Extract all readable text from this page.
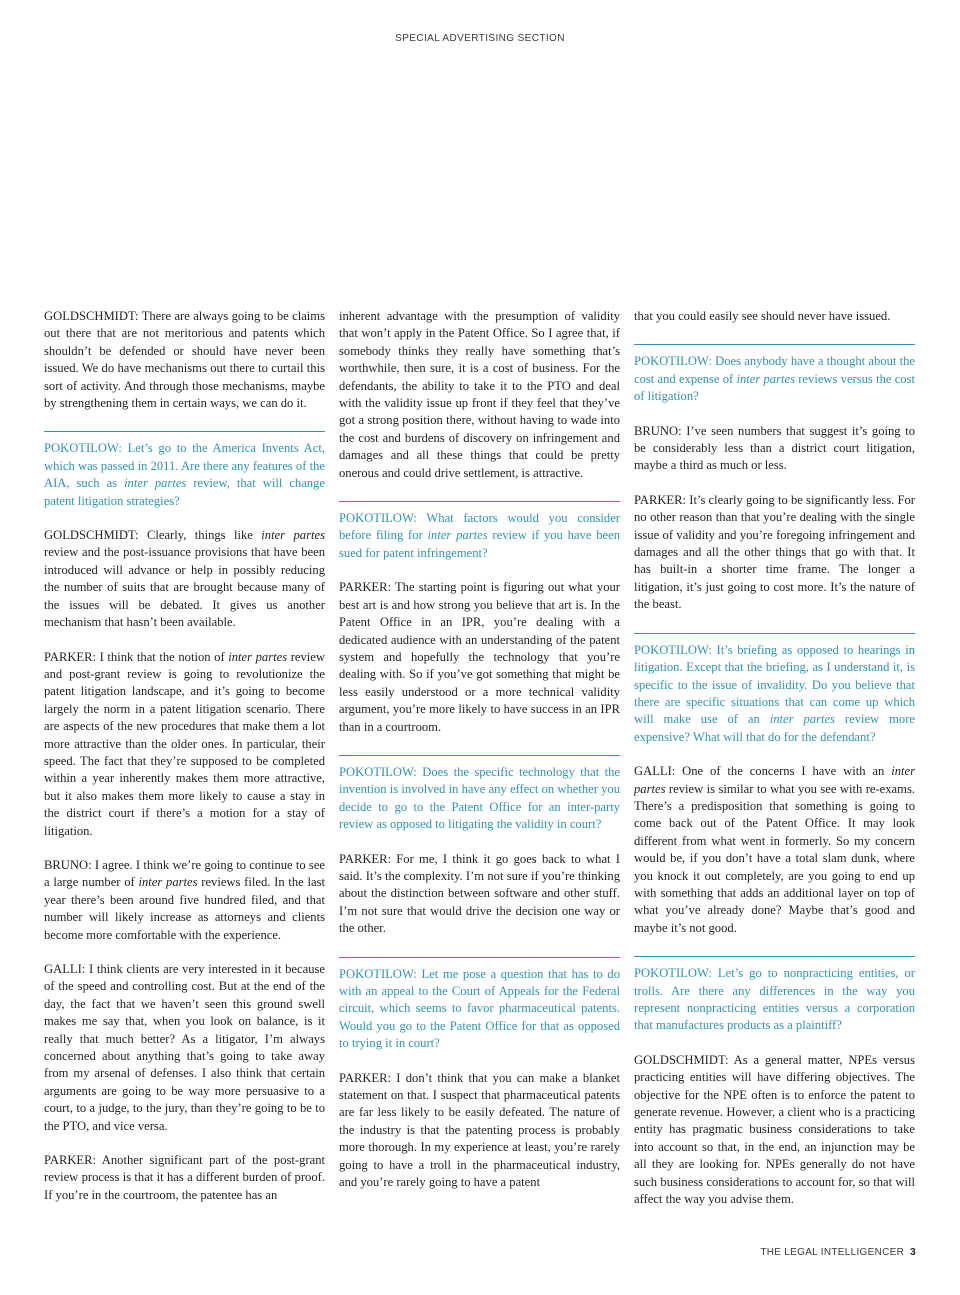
SPECIAL ADVERTISING SECTION

GOLDSCHMIDT: There are always going to be claims out there that are not meritorious and patents which shouldn’t be defended or should have never been issued. We do have mechanisms out there to curtail this sort of activity. And through those mechanisms, maybe by strengthening them in certain ways, we can do it.

POKOTILOW: Let’s go to the America Invents Act, which was passed in 2011. Are there any features of the AIA, such as inter partes review, that will change patent litigation strategies?

GOLDSCHMIDT: Clearly, things like inter partes review and the post-issuance provisions that have been introduced will advance or help in possibly reducing the number of suits that are brought because many of the issues will be debated. It gives us another mechanism that hasn’t been available.

PARKER: I think that the notion of inter partes review and post-grant review is going to revolutionize the patent litigation landscape, and it’s going to become largely the norm in a patent litigation scenario. There are aspects of the new procedures that make them a lot more attractive than the older ones. In particular, their speed. The fact that they’re supposed to be completed within a year inherently makes them more attractive, but it also makes them more likely to cause a stay in the district court if there’s a motion for a stay of litigation.

BRUNO: I agree. I think we’re going to continue to see a large number of inter partes reviews filed. In the last year there’s been around five hundred filed, and that number will likely increase as attorneys and clients become more comfortable with the experience.

GALLI: I think clients are very interested in it because of the speed and controlling cost. But at the end of the day, the fact that we haven’t seen this ground swell makes me say that, when you look on balance, is it really that much better? As a litigator, I’m always concerned about anything that’s going to take away from my arsenal of defenses. I also think that certain arguments are going to be way more persuasive to a court, to a judge, to the jury, than they’re going to be to the PTO, and vice versa.

PARKER: Another significant part of the post-grant review process is that it has a different burden of proof. If you’re in the courtroom, the patentee has an

inherent advantage with the presumption of validity that won’t apply in the Patent Office. So I agree that, if somebody thinks they really have something that’s worthwhile, then sure, it is a cost of business. For the defendants, the ability to take it to the PTO and deal with the validity issue up front if they feel that they’ve got a strong position there, without having to wade into the cost and burdens of discovery on infringement and damages and all these things that could be pretty onerous and could drive settlement, is attractive.

POKOTILOW: What factors would you consider before filing for inter partes review if you have been sued for patent infringement?

PARKER: The starting point is figuring out what your best art is and how strong you believe that art is. In the Patent Office in an IPR, you’re dealing with a dedicated audience with an understanding of the patent system and hopefully the technology that you’re dealing with. So if you’ve got something that might be less easily understood or a more technical validity argument, you’re more likely to have success in an IPR than in a courtroom.

POKOTILOW: Does the specific technology that the invention is involved in have any effect on whether you decide to go to the Patent Office for an inter-party review as opposed to litigating the validity in court?

PARKER: For me, I think it go goes back to what I said. It’s the complexity. I’m not sure if you’re thinking about the distinction between software and other stuff. I’m not sure that would drive the decision one way or the other.

POKOTILOW: Let me pose a question that has to do with an appeal to the Court of Appeals for the Federal circuit, which seems to favor pharmaceutical patents. Would you go to the Patent Office for that as opposed to trying it in court?

PARKER: I don’t think that you can make a blanket statement on that. I suspect that pharmaceutical patents are far less likely to be easily defeated. The nature of the industry is that the patenting process is probably more thorough. In my experience at least, you’re rarely going to have a troll in the pharmaceutical industry, and you’re rarely going to have a patent

that you could easily see should never have issued.

POKOTILOW: Does anybody have a thought about the cost and expense of inter partes reviews versus the cost of litigation?

BRUNO: I’ve seen numbers that suggest it’s going to be considerably less than a district court litigation, maybe a third as much or less.

PARKER: It’s clearly going to be significantly less. For no other reason than that you’re dealing with the single issue of validity and you’re foregoing infringement and damages and all the other things that go with that. It has built-in a shorter time frame. The longer a litigation, it’s just going to cost more. It’s the nature of the beast.

POKOTILOW: It’s briefing as opposed to hearings in litigation. Except that the briefing, as I understand it, is specific to the issue of invalidity. Do you believe that there are specific situations that can come up which will make use of an inter partes review more expensive? What will that do for the defendant?

GALLI: One of the concerns I have with an inter partes review is similar to what you see with re-exams. There’s a predisposition that something is going to come back out of the Patent Office. It may look different from what went in formerly. So my concern would be, if you don’t have a total slam dunk, where you knock it out completely, are you going to end up with something that adds an additional layer on top of what you’ve already done? Maybe that’s good and maybe it’s not good.

POKOTILOW: Let’s go to nonpracticing entities, or trolls. Are there any differences in the way you represent nonpracticing entities versus a corporation that manufactures products as a plaintiff?

GOLDSCHMIDT: As a general matter, NPEs versus practicing entities will have differing objectives. The objective for the NPE often is to enforce the patent to generate revenue. However, a client who is a practicing entity has pragmatic business considerations to take into account so that, in the end, an injunction may be all they are looking for. NPEs generally do not have such business considerations to account for, so that will affect the way you advise them.

THE LEGAL INTELLIGENCER 3
